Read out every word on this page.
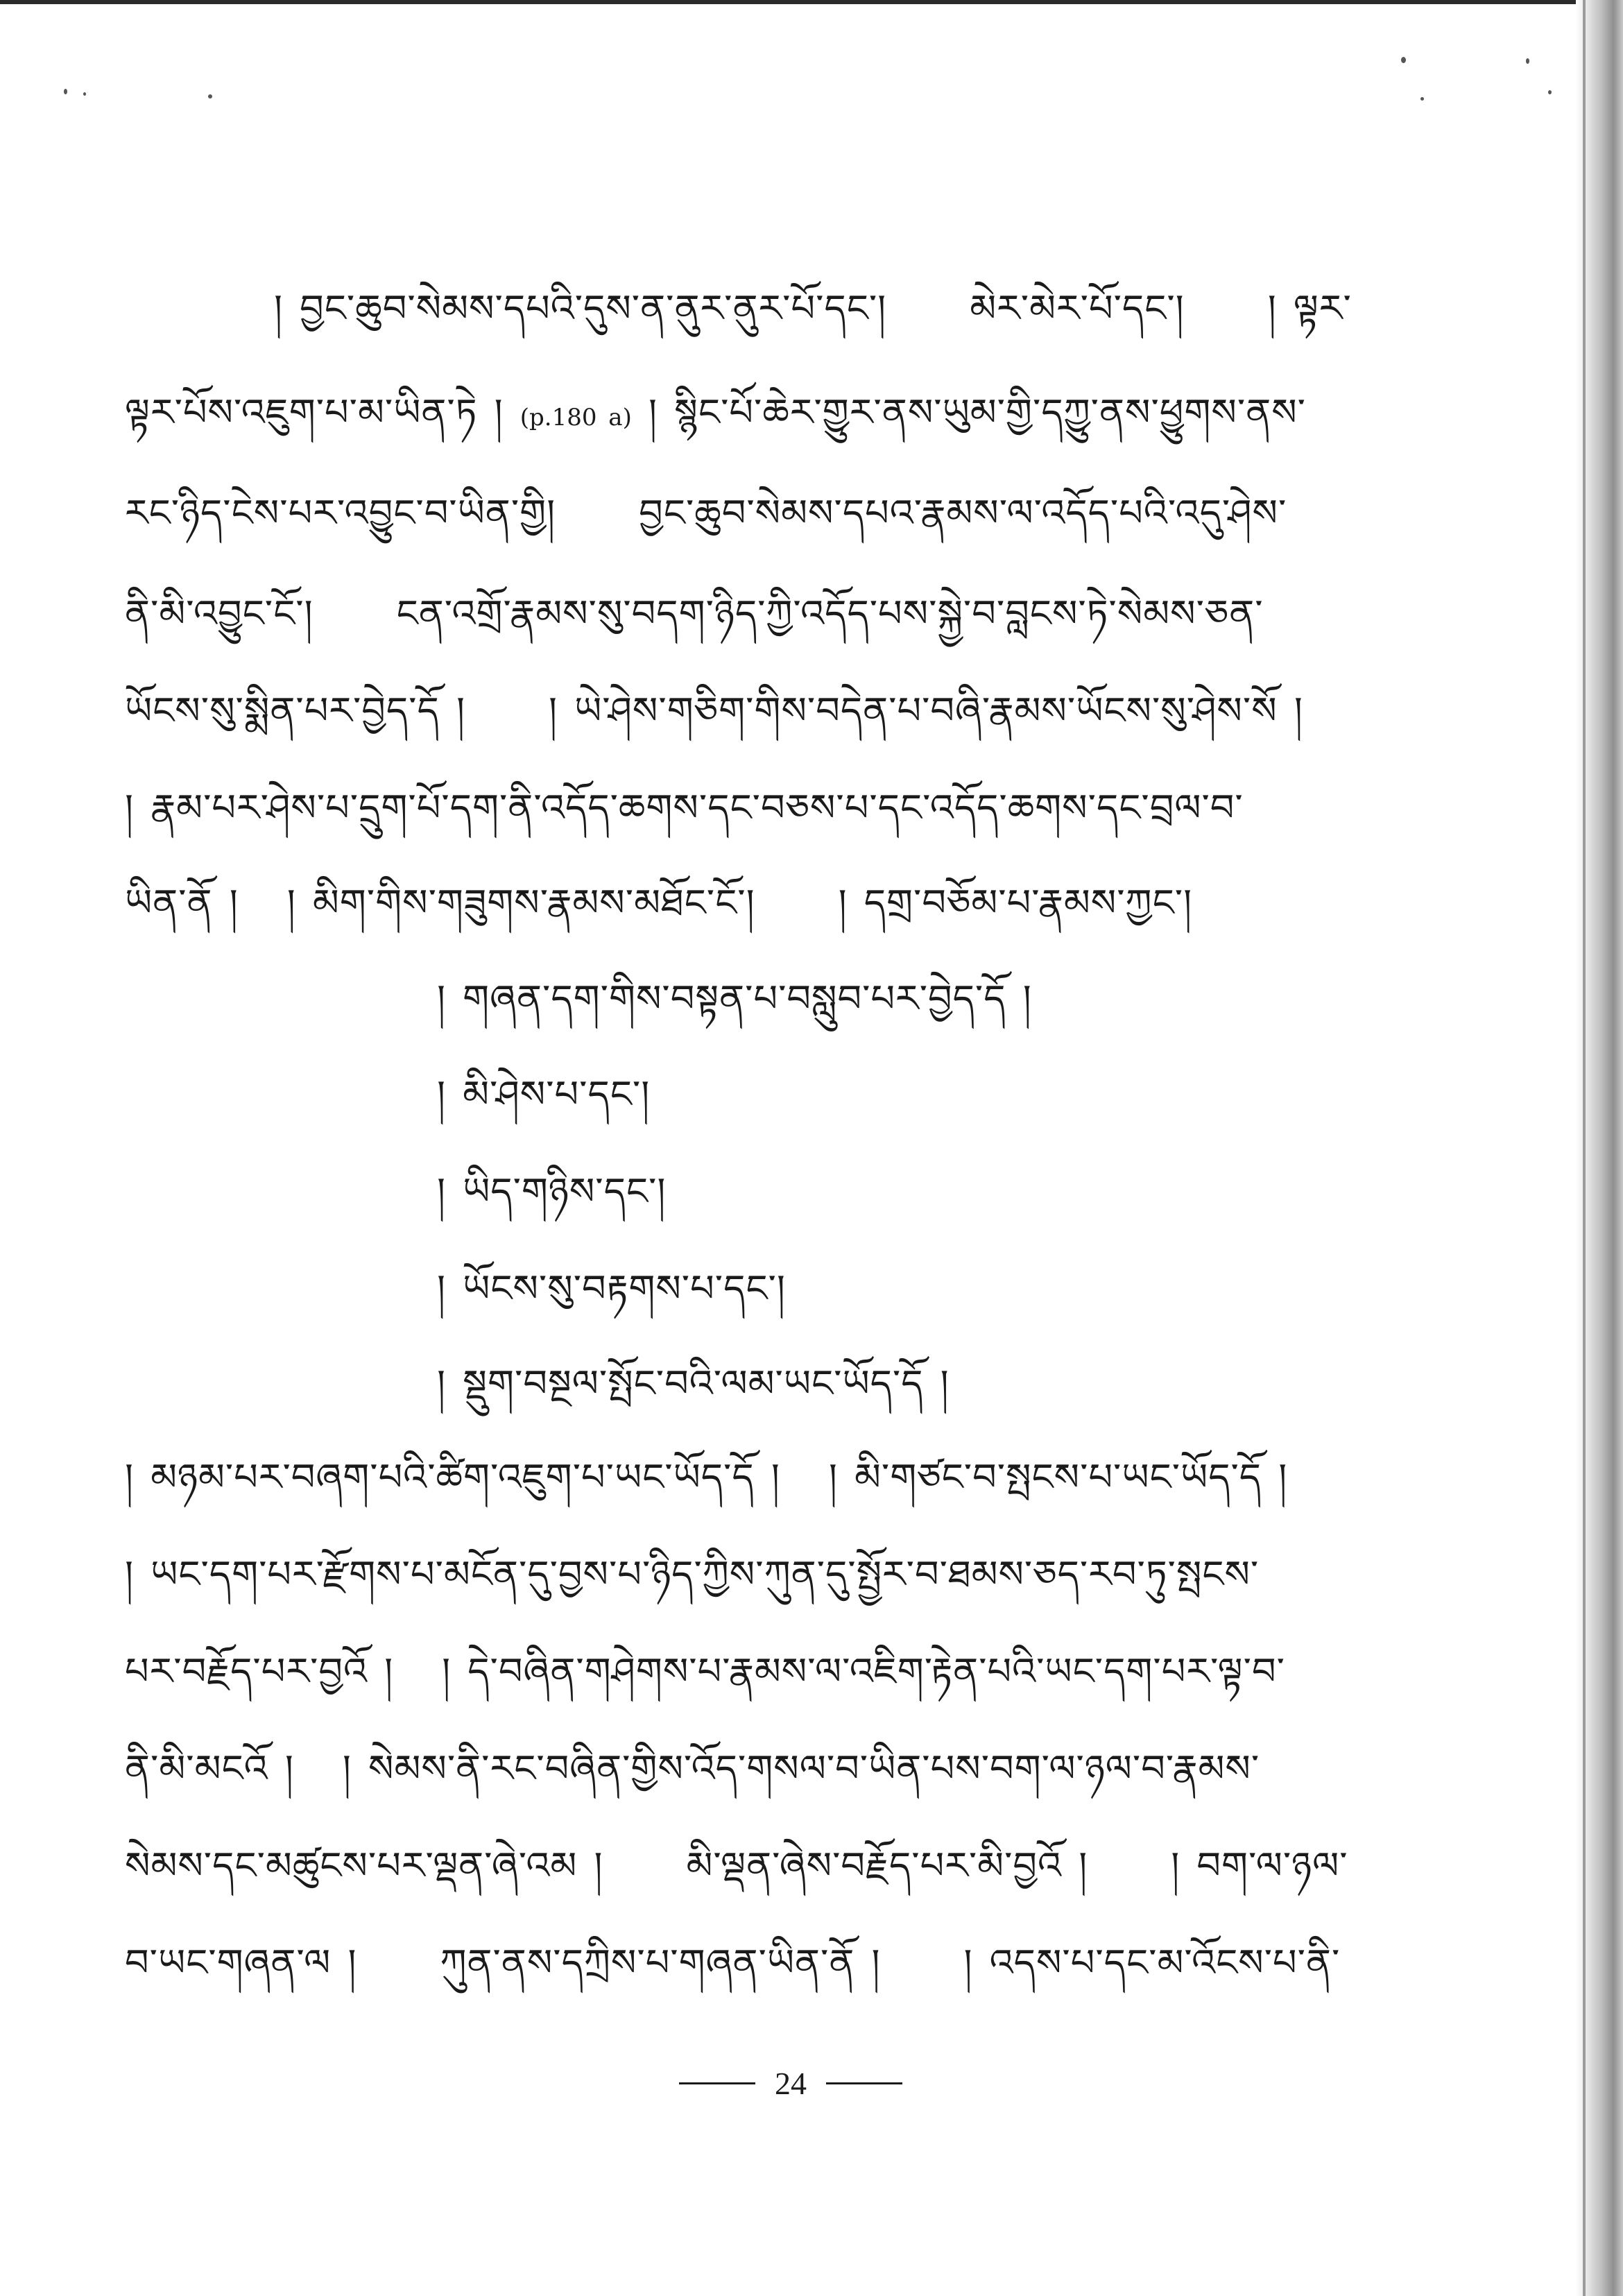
། བྱང་ཆུབ་སེམས་དཔའི་དུས་ན་ནུར་ནུར་པོ་དང་། མེར་མེར་པོ་དང་། ། ལྟར་
ལྟར་པོས་འཇུག་པ་མ་ཡིན་ཏེ ། (p.180 a) ། སྙིང་པོ་ཆེར་གྱུར་ནས་ཡུམ་གྱི་དཀྱུ་ནས་ཕྱུགས་ནས་
རང་ཉིད་ངེས་པར་འབྱུང་བ་ཡིན་གྱི། བྱང་ཆུབ་སེམས་དཔའ་རྣམས་ལ་འདོད་པའི་འདུ་ཤེས་
ནི་མི་འབྱུང་ངོ་། ངན་འགྲོ་རྣམས་སུ་བདག་ཉིད་ཀྱི་འདོད་པས་སྐྱེ་བ་བླངས་ཏེ་སེམས་ཅན་
ཡོངས་སུ་སྨིན་པར་བྱེད་དོ ། ། ཡེ་ཤེས་གཅིག་གིས་བདེན་པ་བཞི་རྣམས་ཡོངས་སུ་ཤེས་སོ །
། རྣམ་པར་ཤེས་པ་དྲུག་པོ་དག་ནི་འདོད་ཆགས་དང་བཅས་པ་དང་འདོད་ཆགས་དང་བྲལ་བ་
ཡིན་ནོ ། ། མིག་གིས་གཟུགས་རྣམས་མཐོང་ངོ་། ། དགྲ་བཅོམ་པ་རྣམས་ཀྱང་།
། གཞན་དག་གིས་བསྟན་པ་བསླུབ་པར་བྱེད་དོ །
། མི་ཤེས་པ་དང་།
། ཡིད་གཉིས་དང་།
། ཡོངས་སུ་བརྟགས་པ་དང་།
། སྡུག་བསྔལ་སྤོང་བའི་ལམ་ཡང་ཡོད་དོ །
། མཉམ་པར་བཞག་པའི་ཚིག་འཇུག་པ་ཡང་ཡོད་དོ ། ། མི་གཙང་བ་སྤངས་པ་ཡང་ཡོད་དོ །
། ཡང་དག་པར་རྫོགས་པ་མངོན་དུ་བྱས་པ་ཉིད་ཀྱིས་ཀུན་དུ་སྤྱོར་བ་ཐམས་ཅད་རབ་ཏུ་སྤངས་
པར་བརྗོད་པར་བྱའོ ། ། དེ་བཞིན་གཤེགས་པ་རྣམས་ལ་འཇིག་རྟེན་པའི་ཡང་དག་པར་ལྟ་བ་
ནི་མི་མངའོ ། ། སེམས་ནི་རང་བཞིན་གྱིས་འོད་གསལ་བ་ཡིན་པས་བག་ལ་ཉལ་བ་རྣམས་
སེམས་དང་མཚུངས་པར་ལྡན་ཞེ་འམ ། མི་ལྡན་ཞེས་བརྗོད་པར་མི་བྱའོ ། ། བག་ལ་ཉལ་
བ་ཡང་གཞན་ལ ། ཀུན་ནས་དཀྲིས་པ་གཞན་ཡིན་ནོ ། ། འདས་པ་དང་མ་འོངས་པ་ནི་
24
